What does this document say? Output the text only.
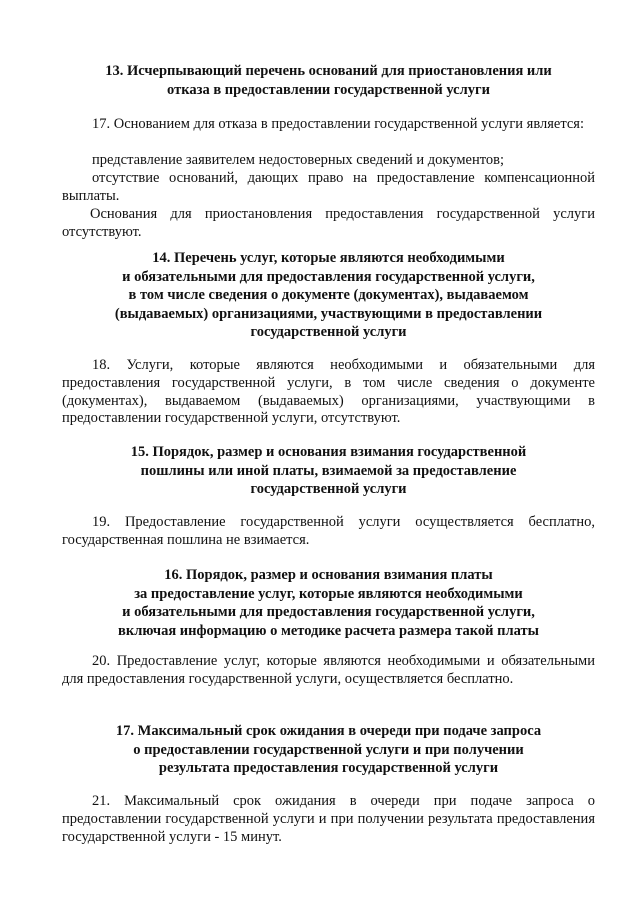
13. Исчерпывающий перечень оснований для приостановления или
отказа в предоставлении государственной услуги
17. Основанием для отказа в предоставлении государственной услуги является:
представление заявителем недостоверных сведений и документов;
отсутствие оснований, дающих право на предоставление компенсационной выплаты.
Основания для приостановления предоставления государственной услуги отсутствуют.
14. Перечень услуг, которые являются необходимыми
и обязательными для предоставления государственной услуги,
в том числе сведения о документе (документах), выдаваемом
(выдаваемых) организациями, участвующими в предоставлении
государственной услуги
18. Услуги, которые являются необходимыми и обязательными для предоставления государственной услуги, в том числе сведения о документе (документах), выдаваемом (выдаваемых) организациями, участвующими в предоставлении государственной услуги, отсутствуют.
15. Порядок, размер и основания взимания государственной
пошлины или иной платы, взимаемой за предоставление
государственной услуги
19. Предоставление государственной услуги осуществляется бесплатно, государственная пошлина не взимается.
16. Порядок, размер и основания взимания платы
за предоставление услуг, которые являются необходимыми
и обязательными для предоставления государственной услуги,
включая информацию о методике расчета размера такой платы
20. Предоставление услуг, которые являются необходимыми и обязательными для предоставления государственной услуги, осуществляется бесплатно.
17. Максимальный срок ожидания в очереди при подаче запроса
о предоставлении государственной услуги и при получении
результата предоставления государственной услуги
21. Максимальный срок ожидания в очереди при подаче запроса о предоставлении государственной услуги и при получении результата предоставления государственной услуги - 15 минут.
